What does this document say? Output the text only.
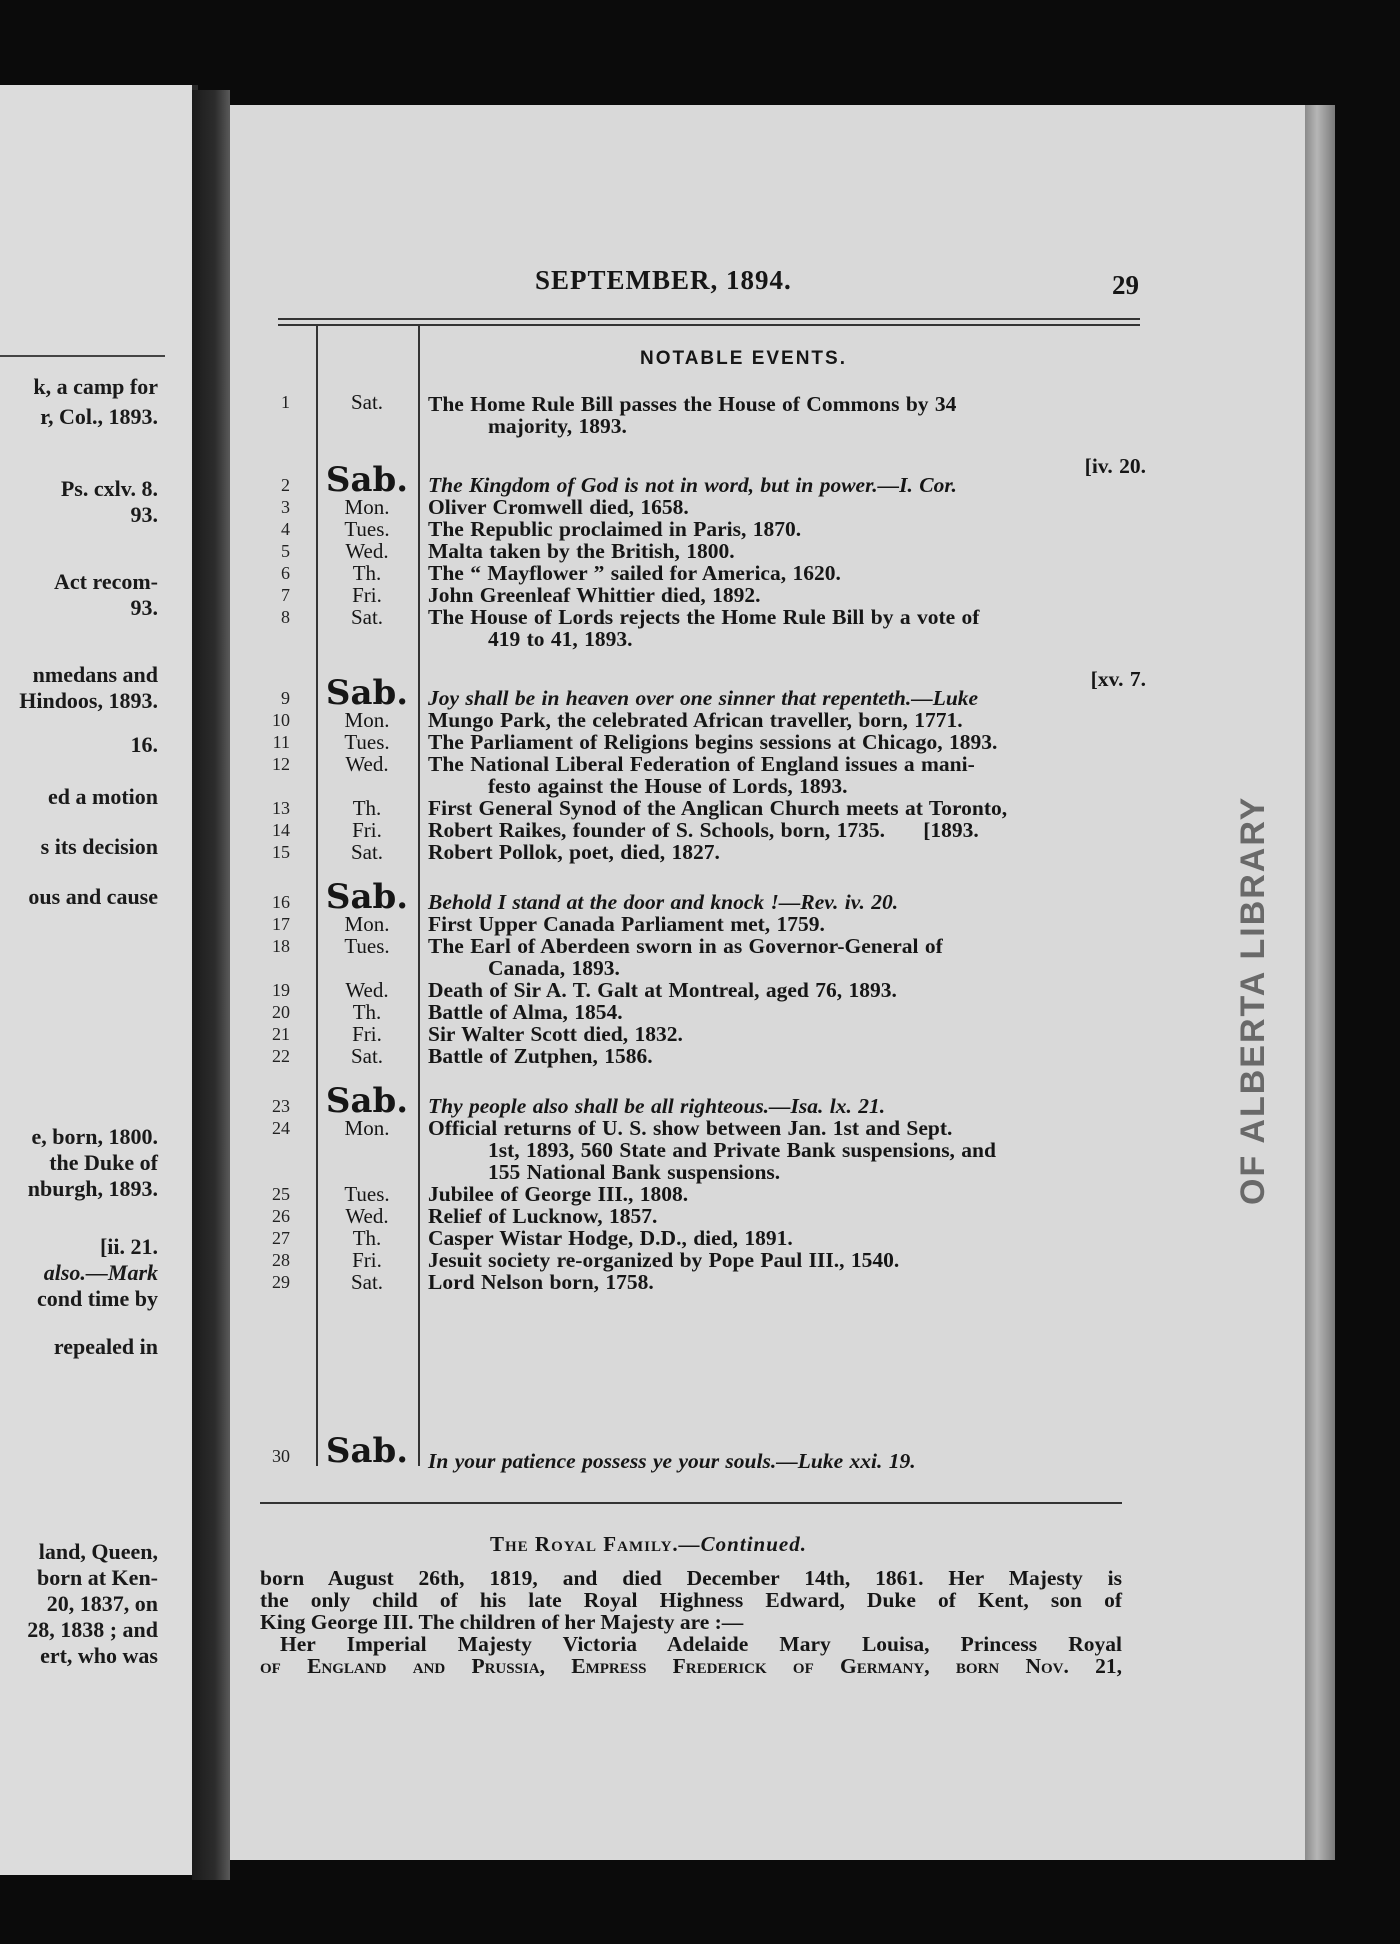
k, a camp for
r, Col., 1893.
Ps. cxlv. 8.
93.
Act recom-
93.
nmedans and
Hindoos, 1893.
16.
ed a motion
s its decision
ous and cause
e, born, 1800.
the Duke of
nburgh, 1893.
[ii. 21.
also.—Mark
cond time by
repealed in
land, Queen,
born at Ken-
20, 1837, on
28, 1838 ; and
ert, who was
OF ALBERTA LIBRARY
SEPTEMBER, 1894.	29
NOTABLE EVENTS.
1	Sat.	The Home Rule Bill passes the House of Commons by 34
majority, 1893.
[iv. 20.
2 Sab. The Kingdom of God is not in word, but in power.—I. Cor.
3	Mon.	Oliver Cromwell died, 1658.
4	Tues.	The Republic proclaimed in Paris, 1870.
5	Wed.	Malta taken by the British, 1800.
6	Th.	The “ Mayflower ” sailed for America, 1620.
7	Fri.	John Greenleaf Whittier died, 1892.
8	Sat.	The House of Lords rejects the Home Rule Bill by a vote of
419 to 41, 1893.
[xv. 7.
9 Sab. Joy shall be in heaven over one sinner that repenteth.—Luke
10	Mon.	Mungo Park, the celebrated African traveller, born, 1771.
11	Tues.	The Parliament of Religions begins sessions at Chicago, 1893.
12	Wed.	The National Liberal Federation of England issues a mani-
festo against the House of Lords, 1893.
13	Th.	First General Synod of the Anglican Church meets at Toronto,
14	Fri.	Robert Raikes, founder of S. Schools, born, 1735.      [1893.
15	Sat.	Robert Pollok, poet, died, 1827.
16 Sab. Behold I stand at the door and knock !—Rev. iv. 20.
17	Mon.	First Upper Canada Parliament met, 1759.
18	Tues.	The Earl of Aberdeen sworn in as Governor-General of
Canada, 1893.
19	Wed.	Death of Sir A. T. Galt at Montreal, aged 76, 1893.
20	Th.	Battle of Alma, 1854.
21	Fri.	Sir Walter Scott died, 1832.
22	Sat.	Battle of Zutphen, 1586.
23 Sab. Thy people also shall be all righteous.—Isa. lx. 21.
24	Mon.	Official returns of U. S. show between Jan. 1st and Sept.
1st, 1893, 560 State and Private Bank suspensions, and
155 National Bank suspensions.
25	Tues.	Jubilee of George III., 1808.
26	Wed.	Relief of Lucknow, 1857.
27	Th.	Casper Wistar Hodge, D.D., died, 1891.
28	Fri.	Jesuit society re-organized by Pope Paul III., 1540.
29	Sat.	Lord Nelson born, 1758.
30 Sab. In your patience possess ye your souls.—Luke xxi. 19.
The Royal Family.—Continued.
born August 26th, 1819, and died December 14th, 1861. Her Majesty is
the only child of his late Royal Highness Edward, Duke of Kent, son of
King George III. The children of her Majesty are :—
Her Imperial Majesty Victoria Adelaide Mary Louisa, Princess Royal
of England and Prussia, Empress Frederick of Germany, born Nov. 21,
